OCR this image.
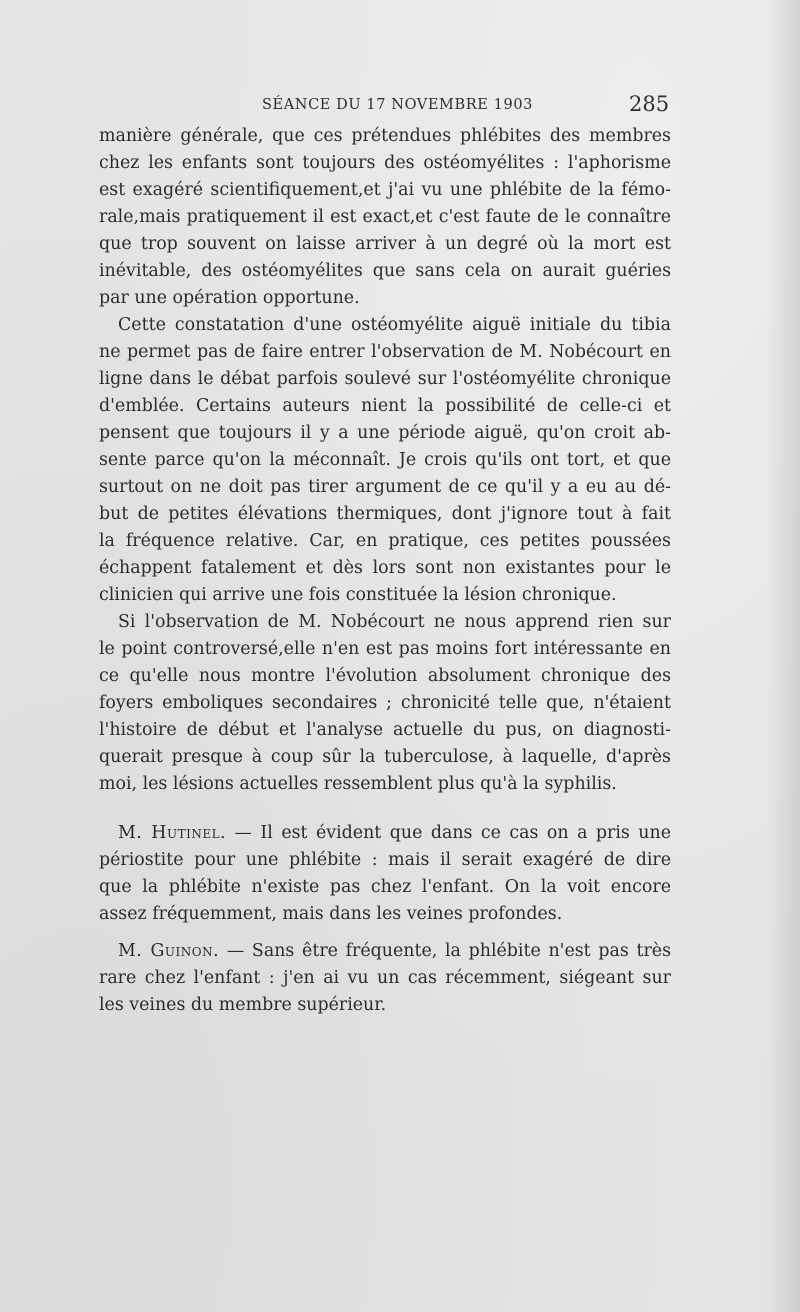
SÉANCE DU 17 NOVEMBRE 1903	285
manière générale, que ces prétendues phlébites des membres
chez les enfants sont toujours des ostéomyélites : l'aphorisme
est exagéré scientifiquement,et j'ai vu une phlébite de la fémo-
rale,mais pratiquement il est exact,et c'est faute de le connaître
que trop souvent on laisse arriver à un degré où la mort est
inévitable, des ostéomyélites que sans cela on aurait guéries
par une opération opportune.
Cette constatation d'une ostéomyélite aiguë initiale du tibia
ne permet pas de faire entrer l'observation de M. Nobécourt en
ligne dans le débat parfois soulevé sur l'ostéomyélite chronique
d'emblée. Certains auteurs nient la possibilité de celle-ci et
pensent que toujours il y a une période aiguë, qu'on croit ab-
sente parce qu'on la méconnaît. Je crois qu'ils ont tort, et que
surtout on ne doit pas tirer argument de ce qu'il y a eu au dé-
but de petites élévations thermiques, dont j'ignore tout à fait
la fréquence relative. Car, en pratique, ces petites poussées
échappent fatalement et dès lors sont non existantes pour le
clinicien qui arrive une fois constituée la lésion chronique.
Si l'observation de M. Nobécourt ne nous apprend rien sur
le point controversé,elle n'en est pas moins fort intéressante en
ce qu'elle nous montre l'évolution absolument chronique des
foyers emboliques secondaires ; chronicité telle que, n'étaient
l'histoire de début et l'analyse actuelle du pus, on diagnosti-
querait presque à coup sûr la tuberculose, à laquelle, d'après
moi, les lésions actuelles ressemblent plus qu'à la syphilis.
M. Hutinel. — Il est évident que dans ce cas on a pris une
périostite pour une phlébite : mais il serait exagéré de dire
que la phlébite n'existe pas chez l'enfant. On la voit encore
assez fréquemment, mais dans les veines profondes.
M. Guinon. — Sans être fréquente, la phlébite n'est pas très
rare chez l'enfant : j'en ai vu un cas récemment, siégeant sur
les veines du membre supérieur.
